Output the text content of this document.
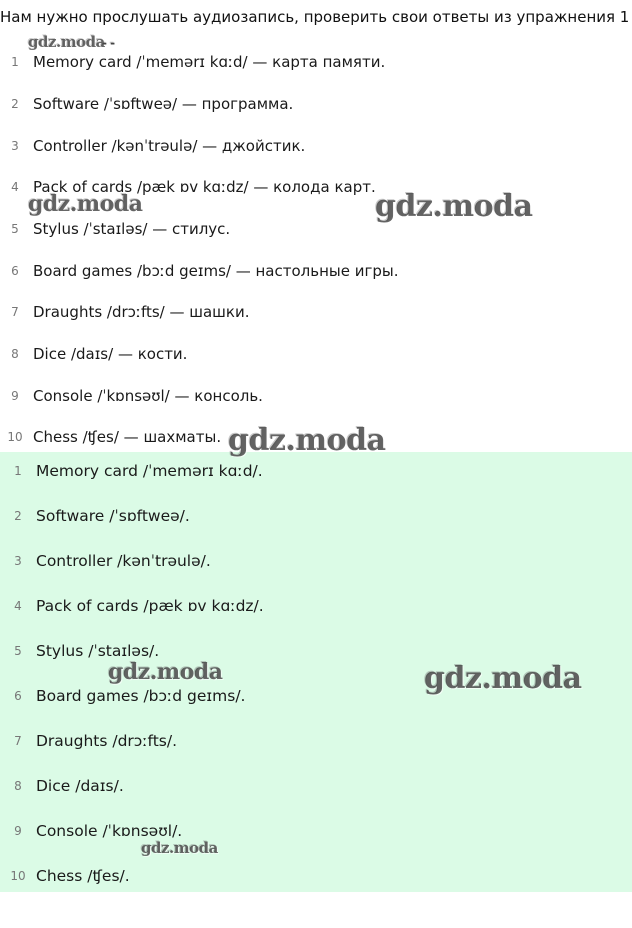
Нам нужно прослушать аудиозапись, проверить свои ответы из упражнения 1
1 Memory card /ˈmemərɪ kɑːd/ — карта памяти.
2 Software /ˈsɒftweə/ — программа.
3 Controller /kənˈtrəulə/ — джойстик.
4 Pack of cards /pæk ɒv kɑːdz/ — колода карт.
5 Stylus /ˈstaɪləs/ — стилус.
6 Board games /bɔːd geɪms/ — настольные игры.
7 Draughts /drɔːfts/ — шашки.
8 Dice /daɪs/ — кости.
9 Console /ˈkɒnsəʊl/ — консоль.
10 Chess /ʧes/ — шахматы.
1 Memory card /ˈmemərɪ kɑːd/.
2 Software /ˈsɒftweə/.
3 Controller /kənˈtrəulə/.
4 Pack of cards /pæk ɒv kɑːdz/.
5 Stylus /ˈstaɪləs/.
6 Board games /bɔːd geɪms/.
7 Draughts /drɔːfts/.
8 Dice /daɪs/.
9 Console /ˈkɒnsəʊl/.
10 Chess /ʧes/.
gdz.moda
- -
gdz.moda	gdz.moda
gdz.moda
gdz.moda	gdz.moda
gdz.moda
